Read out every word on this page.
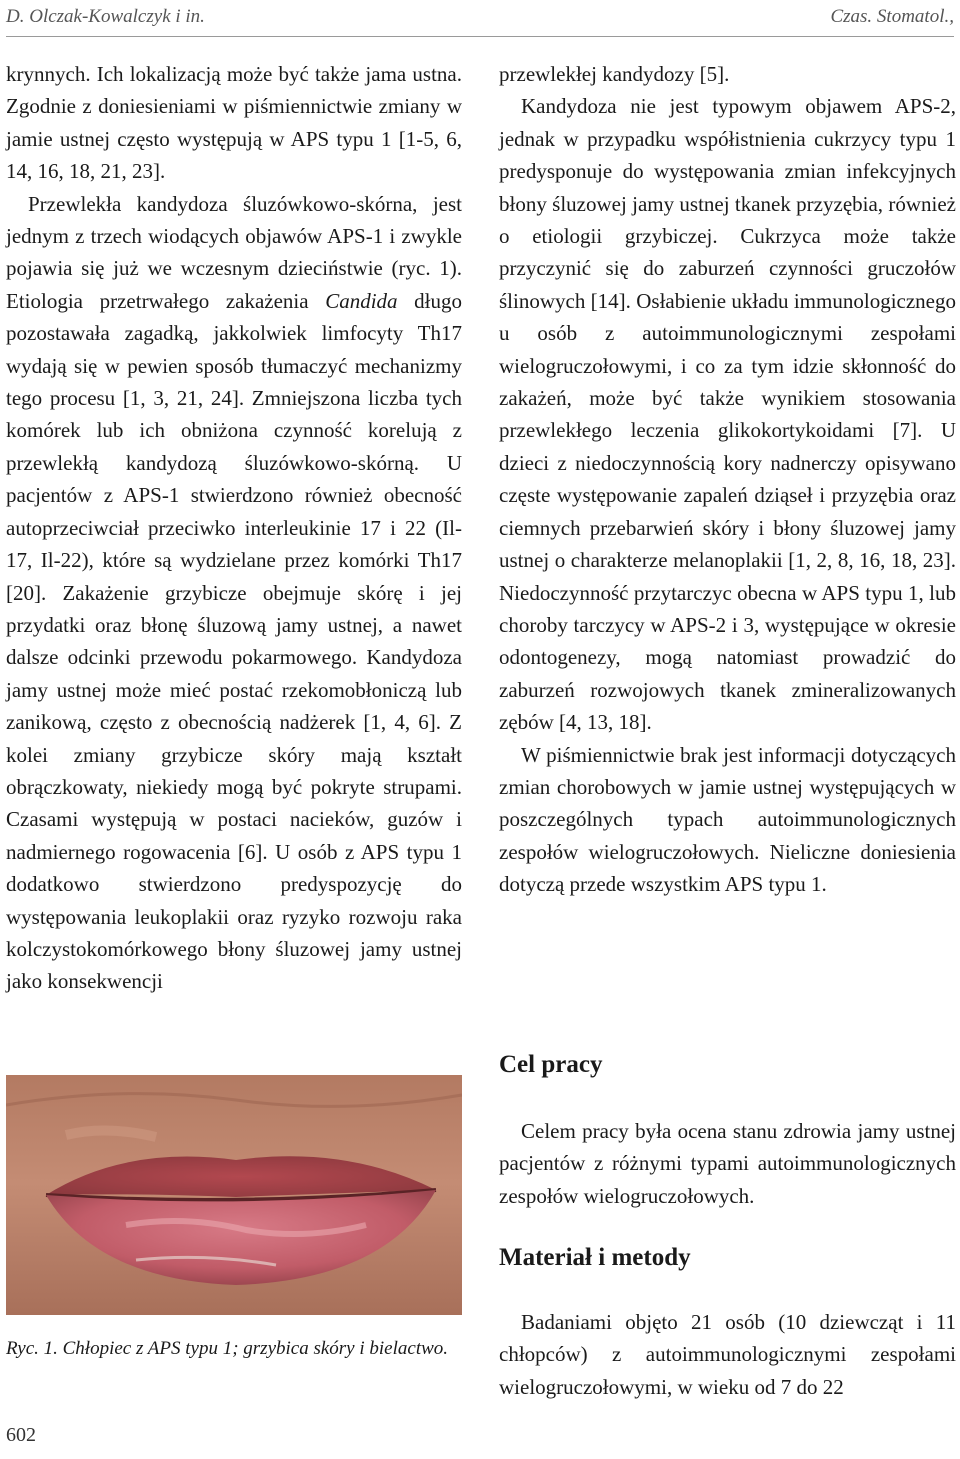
D. Olczak-Kowalczyk i in.	Czas. Stomatol.,

krynnych. Ich lokalizacją może być także jama ustna. Zgodnie z doniesieniami w piśmiennictwie zmiany w jamie ustnej często występują w APS typu 1 [1-5, 6, 14, 16, 18, 21, 23].

Przewlekła kandydoza śluzówkowo-skórna, jest jednym z trzech wiodących objawów APS-1 i zwykle pojawia się już we wczesnym dzieciństwie (ryc. 1). Etiologia przetrwałego zakażenia Candida długo pozostawała zagadką, jakkolwiek limfocyty Th17 wydają się w pewien sposób tłumaczyć mechanizmy tego procesu [1, 3, 21, 24]. Zmniejszona liczba tych komórek lub ich obniżona czynność korelują z przewlekłą kandydozą śluzówkowo-skórną. U pacjentów z APS-1 stwierdzono również obecność autoprzeciwciał przeciwko interleukinie 17 i 22 (Il-17, Il-22), które są wydzielane przez komórki Th17 [20]. Zakażenie grzybicze obejmuje skórę i jej przydatki oraz błonę śluzową jamy ustnej, a nawet dalsze odcinki przewodu pokarmowego. Kandydoza jamy ustnej może mieć postać rzekomobłoniczą lub zanikową, często z obecnością nadżerek [1, 4, 6]. Z kolei zmiany grzybicze skóry mają kształt obrączkowaty, niekiedy mogą być pokryte strupami. Czasami występują w postaci nacieków, guzów i nadmiernego rogowacenia [6]. U osób z APS typu 1 dodatkowo stwierdzono predyspozycję do występowania leukoplakii oraz ryzyko rozwoju raka kolczystokomórkowego błony śluzowej jamy ustnej jako konsekwencji

Ryc. 1. Chłopiec z APS typu 1; grzybica skóry i bielactwo.

przewlekłej kandydozy [5].

Kandydoza nie jest typowym objawem APS-2, jednak w przypadku współistnienia cukrzycy typu 1 predysponuje do występowania zmian infekcyjnych błony śluzowej jamy ustnej tkanek przyzębia, również o etiologii grzybiczej. Cukrzyca może także przyczynić się do zaburzeń czynności gruczołów ślinowych [14]. Osłabienie układu immunologicznego u osób z autoimmunologicznymi zespołami wielogruczołowymi, i co za tym idzie skłonność do zakażeń, może być także wynikiem stosowania przewlekłego leczenia glikokortykoidami [7]. U dzieci z niedoczynnością kory nadnerczy opisywano częste występowanie zapaleń dziąseł i przyzębia oraz ciemnych przebarwień skóry i błony śluzowej jamy ustnej o charakterze melanoplakii [1, 2, 8, 16, 18, 23]. Niedoczynność przytarczyc obecna w APS typu 1, lub choroby tarczycy w APS-2 i 3, występujące w okresie odontogenezy, mogą natomiast prowadzić do zaburzeń rozwojowych tkanek zmineralizowanych zębów [4, 13, 18].

W piśmiennictwie brak jest informacji dotyczących zmian chorobowych w jamie ustnej występujących w poszczególnych typach autoimmunologicznych zespołów wielogruczołowych. Nieliczne doniesienia dotyczą przede wszystkim APS typu 1.

Cel pracy

Celem pracy była ocena stanu zdrowia jamy ustnej pacjentów z różnymi typami autoimmunologicznych zespołów wielogruczołowych.

Materiał i metody

Badaniami objęto 21 osób (10 dziewcząt i 11 chłopców) z autoimmunologicznymi zespołami wielogruczołowymi, w wieku od 7 do 22

602
